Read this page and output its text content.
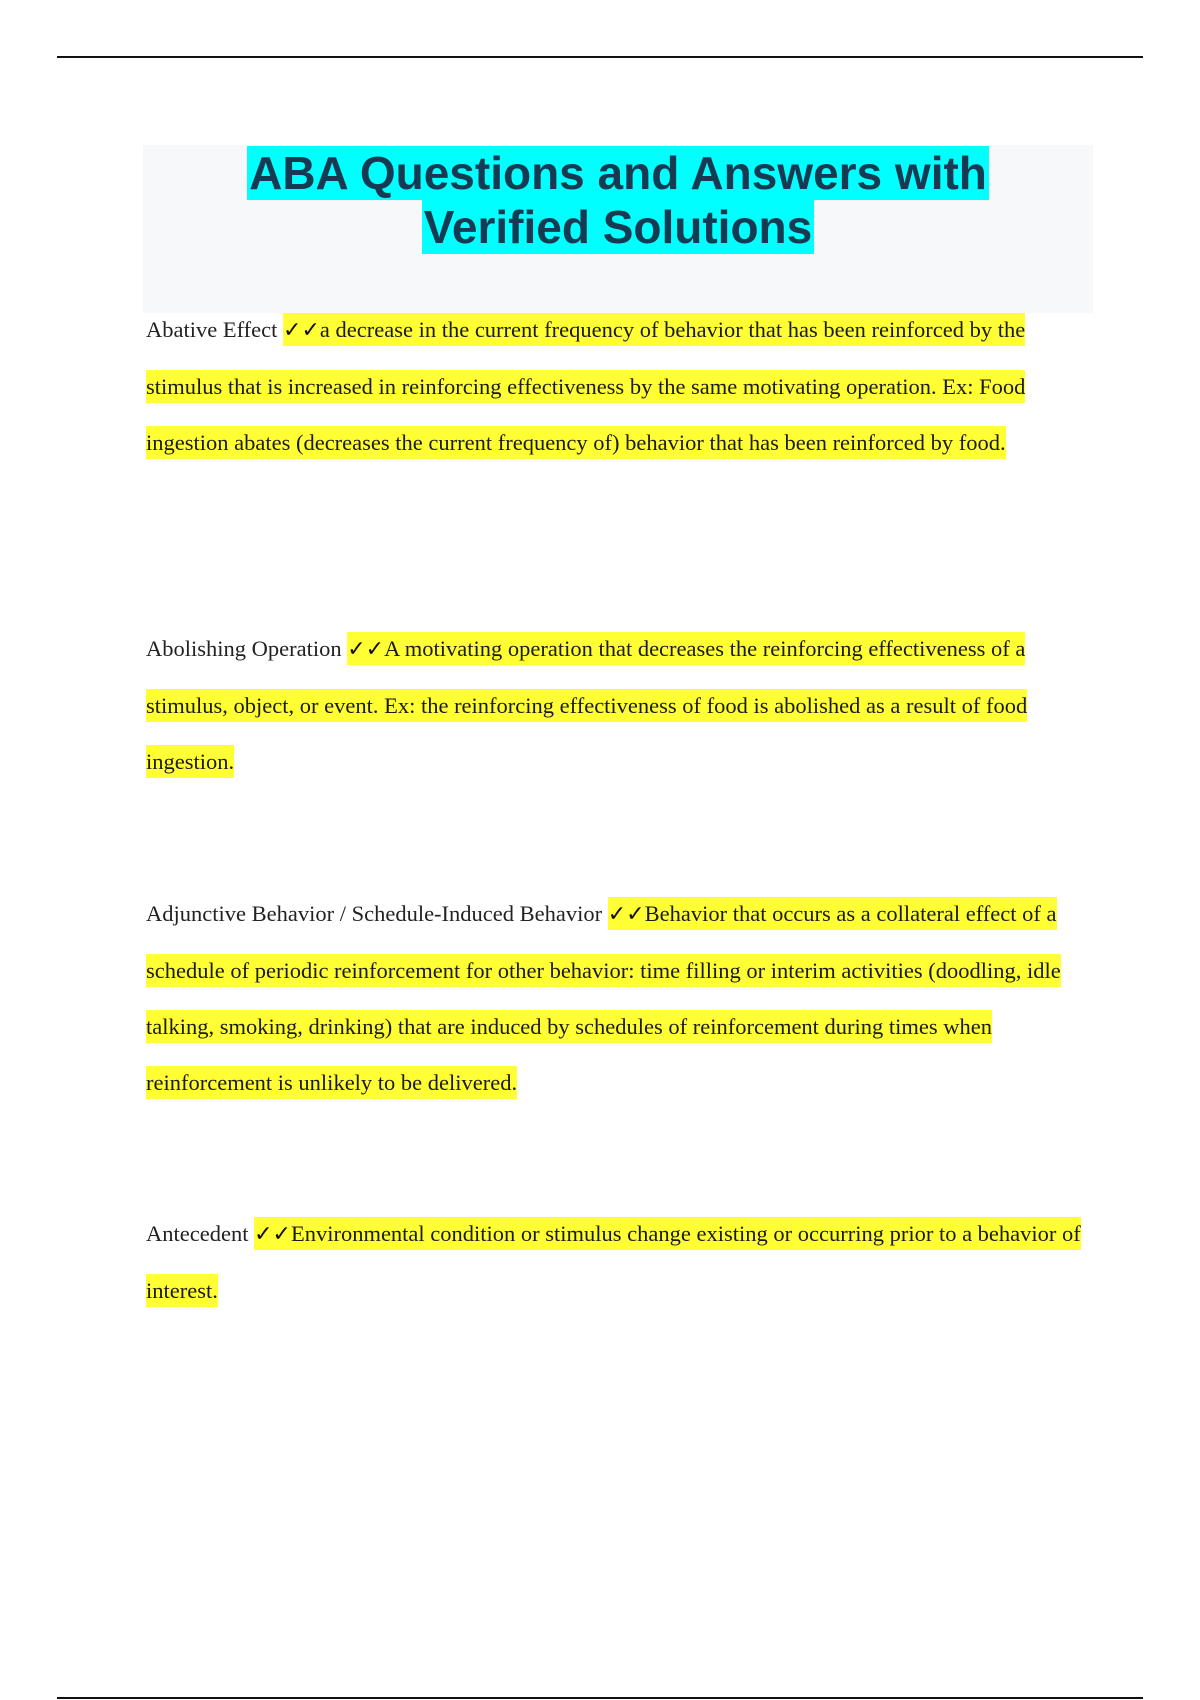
ABA Questions and Answers with
Verified Solutions
Abative Effect ✓✓a decrease in the current frequency of behavior that has been reinforced by the stimulus that is increased in reinforcing effectiveness by the same motivating operation. Ex: Food ingestion abates (decreases the current frequency of) behavior that has been reinforced by food.
Abolishing Operation ✓✓A motivating operation that decreases the reinforcing effectiveness of a stimulus, object, or event. Ex: the reinforcing effectiveness of food is abolished as a result of food ingestion.
Adjunctive Behavior / Schedule-Induced Behavior ✓✓Behavior that occurs as a collateral effect of a schedule of periodic reinforcement for other behavior: time filling or interim activities (doodling, idle talking, smoking, drinking) that are induced by schedules of reinforcement during times when reinforcement is unlikely to be delivered.
Antecedent ✓✓Environmental condition or stimulus change existing or occurring prior to a behavior of interest.
